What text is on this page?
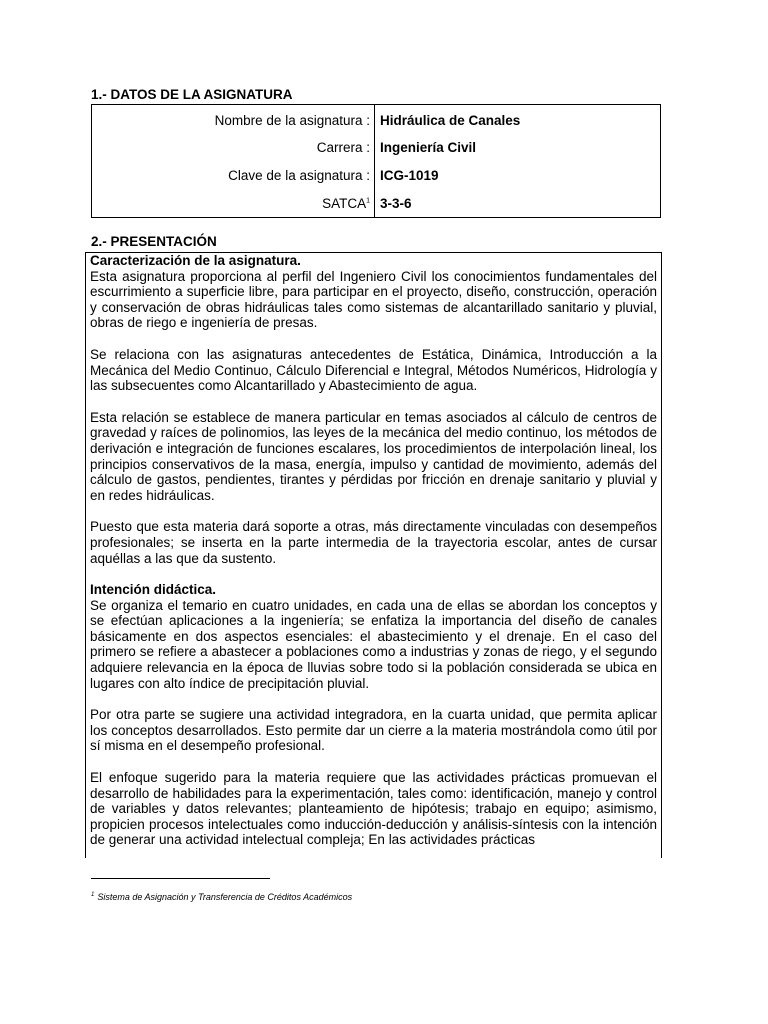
1.- DATOS DE LA ASIGNATURA
Nombre de la asignatura : Hidráulica de Canales
Carrera : Ingeniería Civil
Clave de la asignatura : ICG-1019
SATCA$^1$ 3-3-6
2.- PRESENTACIÓN
Caracterización de la asignatura.

Esta asignatura proporciona al perfil del Ingeniero Civil los conocimientos fundamentales del escurrimiento a superficie libre, para participar en el proyecto, diseño, construcción, operación y conservación de obras hidráulicas tales como sistemas de alcantarillado sanitario y pluvial, obras de riego e ingeniería de presas.

Se relaciona con las asignaturas antecedentes de Estática, Dinámica, Introducción a la Mecánica del Medio Continuo, Cálculo Diferencial e Integral, Métodos Numéricos, Hidrología y las subsecuentes como Alcantarillado y Abastecimiento de agua.

Esta relación se establece de manera particular en temas asociados al cálculo de centros de gravedad y raíces de polinomios, las leyes de la mecánica del medio continuo, los métodos de derivación e integración de funciones escalares, los procedimientos de interpolación lineal, los principios conservativos de la masa, energía, impulso y cantidad de movimiento, además del cálculo de gastos, pendientes, tirantes y pérdidas por fricción en drenaje sanitario y pluvial y en redes hidráulicas.

Puesto que esta materia dará soporte a otras, más directamente vinculadas con desempeños profesionales; se inserta en la parte intermedia de la trayectoria escolar, antes de cursar aquéllas a las que da sustento.

Intención didáctica.

Se organiza el temario en cuatro unidades, en cada una de ellas se abordan los conceptos y se efectúan aplicaciones a la ingeniería; se enfatiza la importancia del diseño de canales básicamente en dos aspectos esenciales: el abastecimiento y el drenaje. En el caso del primero se refiere a abastecer a poblaciones como a industrias y zonas de riego, y el segundo adquiere relevancia en la época de lluvias sobre todo si la población considerada se ubica en lugares con alto índice de precipitación pluvial.

Por otra parte se sugiere una actividad integradora, en la cuarta unidad, que permita aplicar los conceptos desarrollados. Esto permite dar un cierre a la materia mostrándola como útil por sí misma en el desempeño profesional.

El enfoque sugerido para la materia requiere que las actividades prácticas promuevan el desarrollo de habilidades para la experimentación, tales como: identificación, manejo y control de variables y datos relevantes; planteamiento de hipótesis; trabajo en equipo; asimismo, propicien procesos intelectuales como inducción-deducción y análisis-síntesis con la intención de generar una actividad intelectual compleja; En las actividades prácticas

$^1$ Sistema de Asignación y Transferencia de Créditos Académicos
